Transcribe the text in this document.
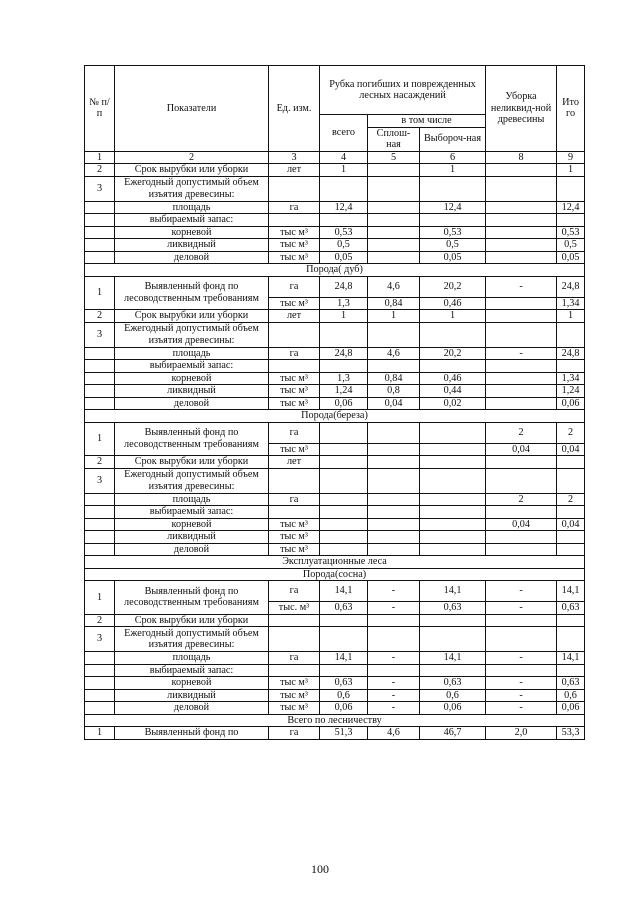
№ п/п	Показатели	Ед. изм.	Рубка погибших и поврежденных лесных насаждений			Уборка неликвид-ной древесины	Ито го
			всего	в том числе			
				Сплош-ная	Выбороч-ная		
1	2	3	4	5	6	8	9
2	Срок вырубки или уборки	лет	1		1		1
3	Ежегодный допустимый объем изъятия древесины:						
	площадь	га	12,4		12,4		12,4
	выбираемый запас:						
	корневой	тыс м³	0,53		0,53		0,53
	ликвидный	тыс м³	0,5		0,5		0,5
	деловой	тыс м³	0,05		0,05		0,05
Порода( дуб)							
1	Выявленный фонд по лесоводственным требованиям	га	24,8	4,6	20,2	-	24,8
		тыс м³	1,3	0,84	0,46		1,34
2	Срок вырубки или уборки	лет	1	1	1		1
3	Ежегодный допустимый объем изъятия древесины:						
	площадь	га	24,8	4,6	20,2	-	24,8
	выбираемый запас:						
	корневой	тыс м³	1,3	0,84	0,46		1,34
	ликвидный	тыс м³	1,24	0,8	0,44		1,24
	деловой	тыс м³	0,06	0,04	0,02		0,06
Порода(береза)							
1	Выявленный фонд по лесоводственным требованиям	га				2	2
		тыс м³				0,04	0,04
2	Срок вырубки или уборки	лет					
3	Ежегодный допустимый объем изъятия древесины:						
	площадь	га				2	2
	выбираемый запас:						
	корневой	тыс м³				0,04	0,04
	ликвидный	тыс м³					
	деловой	тыс м³					
Эксплуатационные леса							
Порода(сосна)							
1	Выявленный фонд по лесоводственным требованиям	га	14,1	-	14,1	-	14,1
		тыс. м³	0,63	-	0,63	-	0,63
2	Срок вырубки или уборки						
3	Ежегодный допустимый объем изъятия древесины:						
	площадь	га	14,1	-	14,1	-	14,1
	выбираемый запас:						
	корневой	тыс м³	0,63	-	0,63	-	0,63
	ликвидный	тыс м³	0,6	-	0,6	-	0,6
	деловой	тыс м³	0,06	-	0,06	-	0,06
Всего по лесничеству							
1	Выявленный фонд по	га	51,3	4,6	46,7	2,0	53,3
100
